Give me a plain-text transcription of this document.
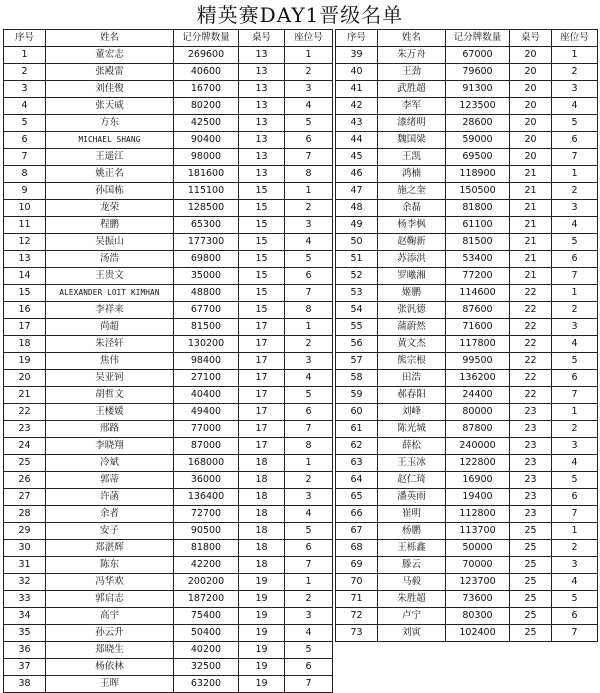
精英赛DAY1晋级名单
序号	姓名	记分牌数量	桌号	座位号
1	董宏志	269600	13	1
2	张殿雷	40600	13	2
3	刘佳俊	16700	13	3
4	张天威	80200	13	4
5	方东	42500	13	5
6	MICHAEL SHANG	90400	13	6
7	王遥江	98000	13	7
8	姚正名	181600	13	8
9	孙国栋	115100	15	1
10	龙荣	128500	15	2
11	程鹏	65300	15	3
12	吴振山	177300	15	4
13	汤浩	69800	15	5
14	王贵文	35000	15	6
15	ALEXANDER LOIT KIMHAN	48800	15	7
16	李祥来	67700	15	8
17	尚超	81500	17	1
18	朱泾轩	130200	17	2
19	焦伟	98400	17	3
20	吴亚钶	27100	17	4
21	胡哲文	40400	17	5
22	王楼媛	49400	17	6
23	邢路	77000	17	7
24	李晓翔	87000	17	8
25	冷斌	168000	18	1
26	郭蒂	36000	18	2
27	许菡	136400	18	3
28	余者	72700	18	4
29	安子	90500	18	5
30	郑湛辉	81800	18	6
31	陈东	42200	18	7
32	冯华欢	200200	19	1
33	郭启志	187200	19	2
34	高宇	75400	19	3
35	孙云升	50400	19	4
36	郑晓生	40200	19	5
37	杨依林	32500	19	6
38	王晖	63200	19	7
序号	姓名	记分牌数量	桌号	座位号
39	朱万舟	67000	20	1
40	王劲	79600	20	2
41	武胜超	91300	20	3
42	李军	123500	20	4
43	漆绪明	28600	20	5
44	魏国梁	59000	20	6
45	王凯	69500	20	7
46	鸿楠	118900	21	1
47	施之奎	150500	21	2
48	余磊	81800	21	3
49	杨李枫	61100	21	4
50	赵鞠新	81500	21	5
51	苏添洪	53400	21	6
52	罗曦湘	77200	21	7
53	姬鹏	114600	22	1
54	张汎德	87600	22	2
55	蒲蔚然	71600	22	3
56	黄文杰	117800	22	4
57	熊宗根	99500	22	5
58	田浩	136200	22	6
59	郝春阳	24400	22	7
60	刘峰	80000	23	1
61	陈光城	87800	23	2
62	薛松	240000	23	3
63	王玉冰	122800	23	4
64	赵仁琦	16900	23	5
65	潘英雨	19400	23	6
66	崔明	112800	23	7
67	杨鹏	113700	25	1
68	王栎鑫	50000	25	2
69	滕云	70000	25	3
70	马毅	123700	25	4
71	朱胜超	73600	25	5
72	卢宁	80300	25	6
73	刘寅	102400	25	7
